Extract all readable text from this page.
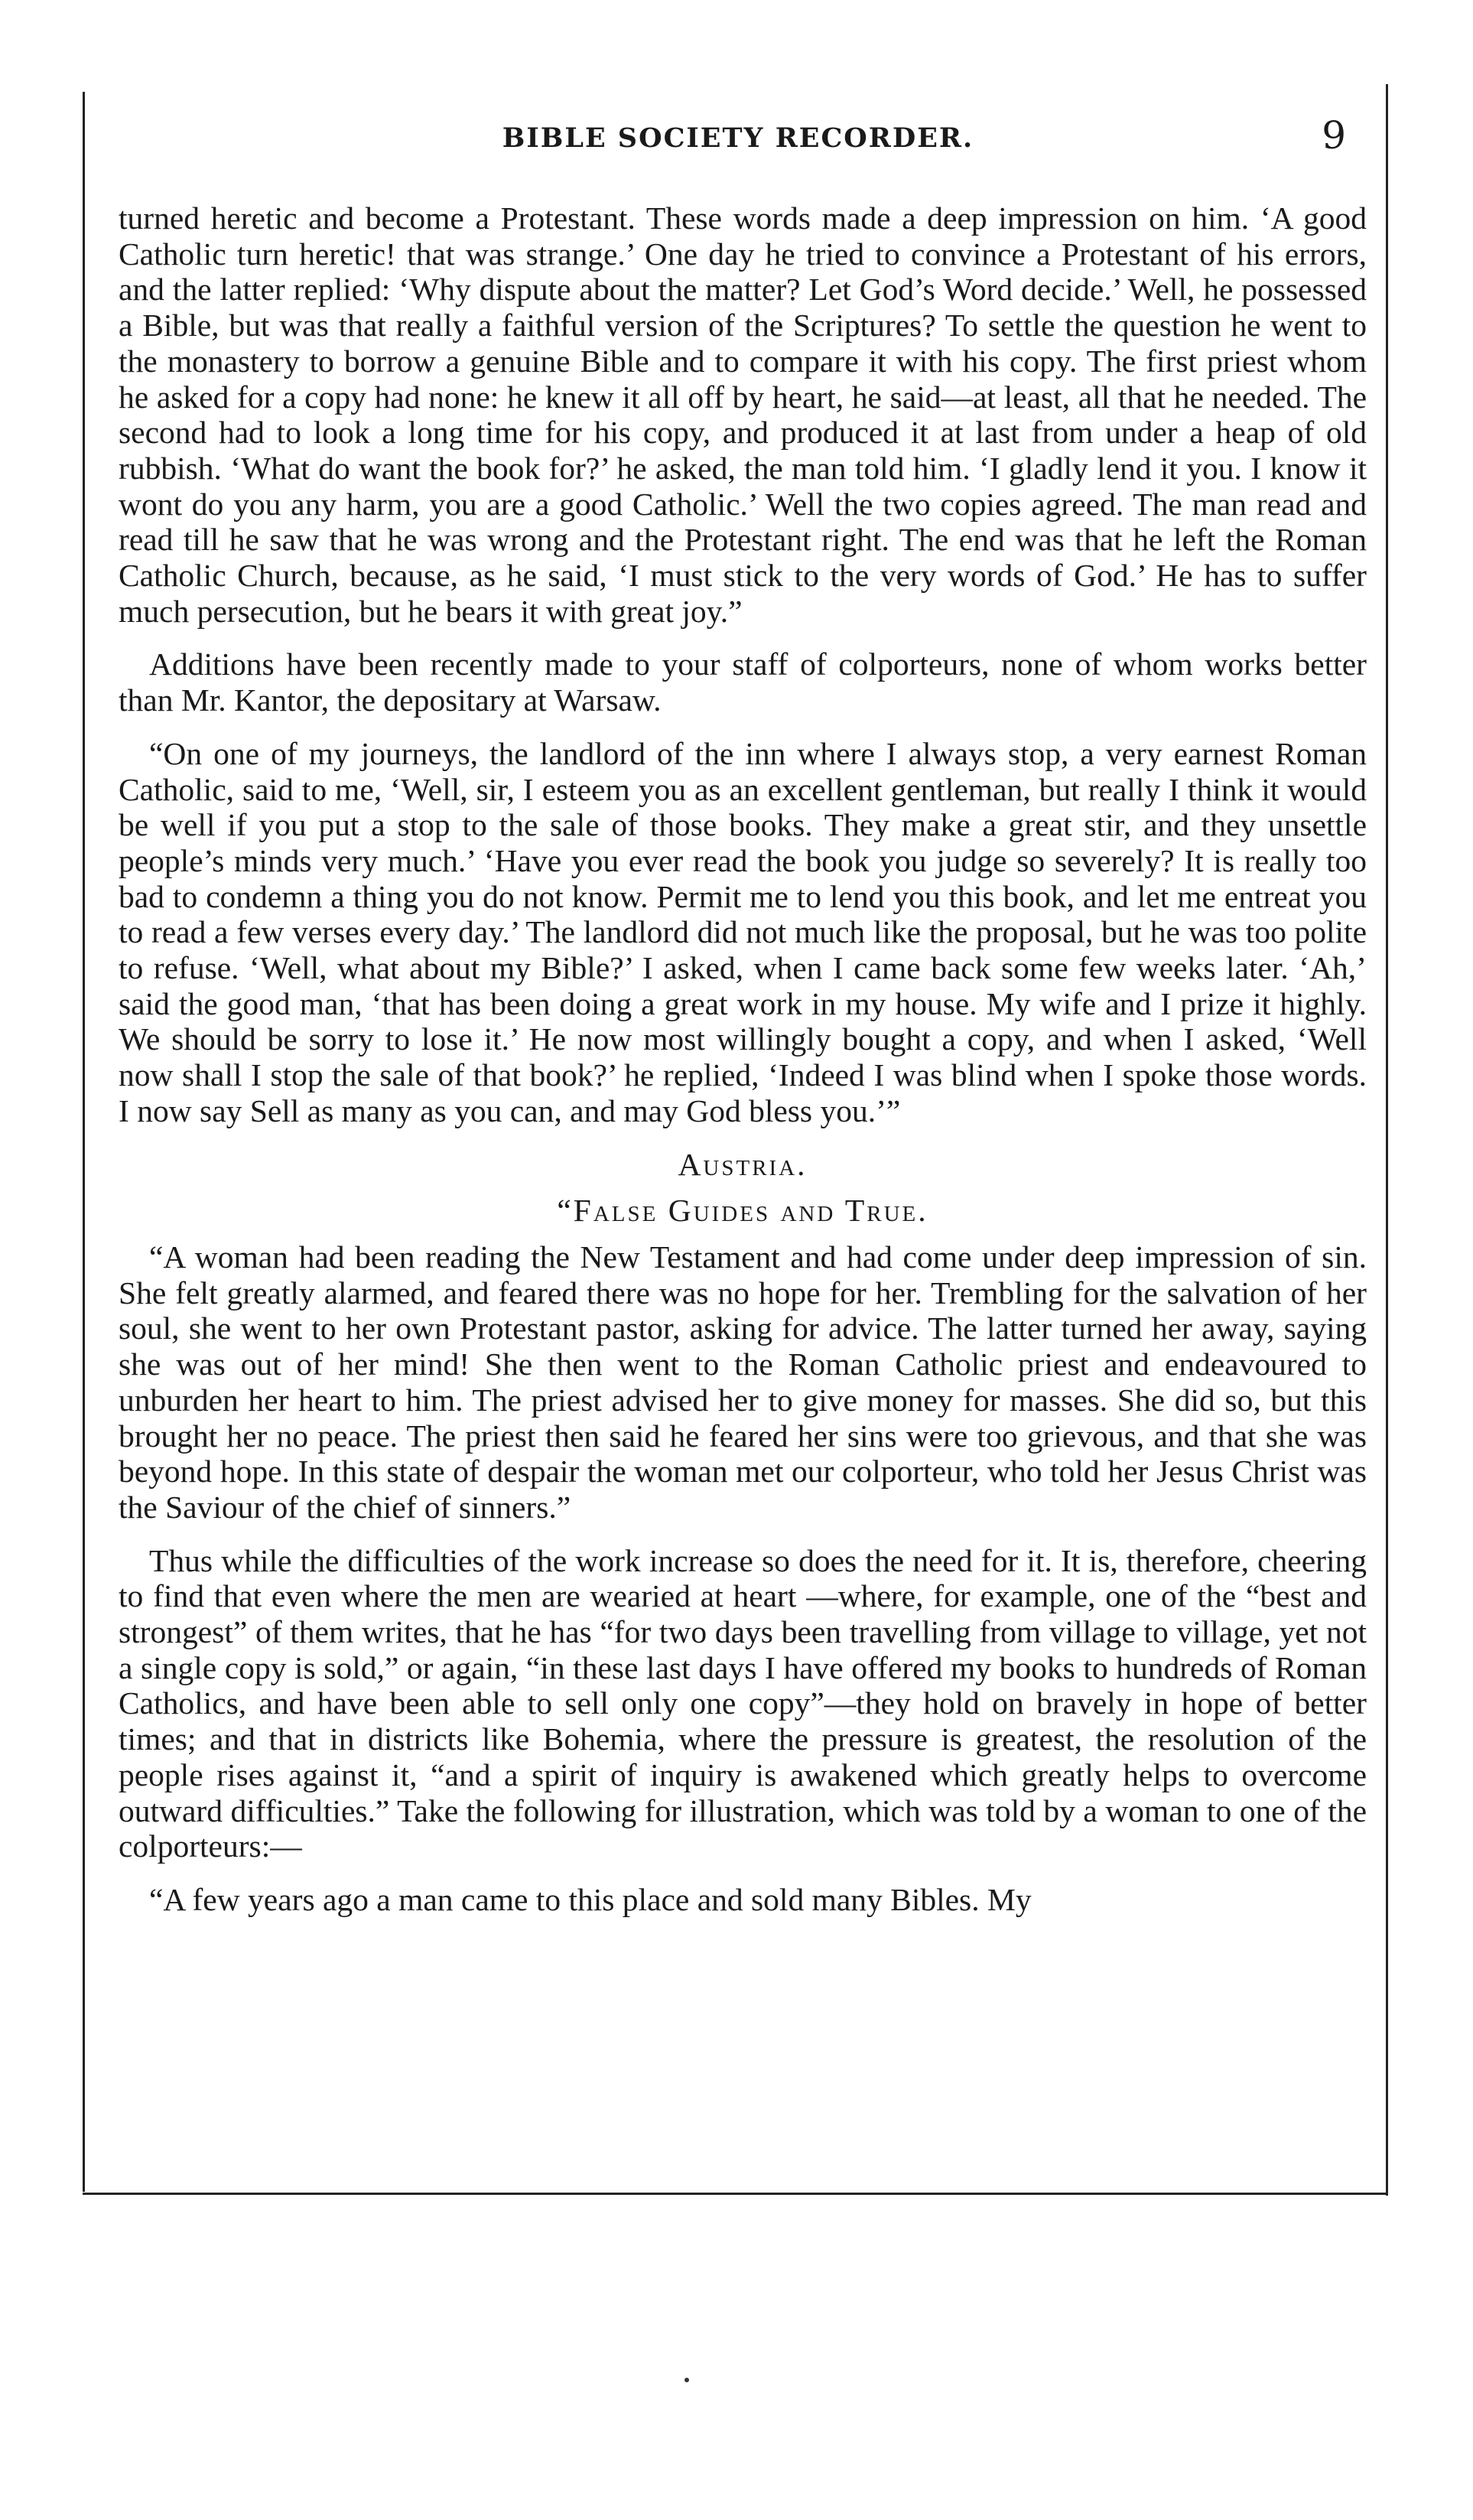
BIBLE SOCIETY RECORDER.	9

turned heretic and become a Protestant. These words made a deep impression on him. ‘A good Catholic turn heretic! that was strange.’ One day he tried to convince a Protestant of his errors, and the latter replied: ‘Why dispute about the matter? Let God’s Word decide.’ Well, he possessed a Bible, but was that really a faithful version of the Scriptures? To settle the question he went to the monastery to borrow a genuine Bible and to compare it with his copy. The first priest whom he asked for a copy had none: he knew it all off by heart, he said—at least, all that he needed. The second had to look a long time for his copy, and produced it at last from under a heap of old rubbish. ‘What do want the book for?’ he asked, the man told him. ‘I gladly lend it you. I know it wont do you any harm, you are a good Catholic.’ Well the two copies agreed. The man read and read till he saw that he was wrong and the Protestant right. The end was that he left the Roman Catholic Church, because, as he said, ‘I must stick to the very words of God.’ He has to suffer much persecution, but he bears it with great joy.”

Additions have been recently made to your staff of colporteurs, none of whom works better than Mr. Kantor, the depositary at Warsaw.

“On one of my journeys, the landlord of the inn where I always stop, a very earnest Roman Catholic, said to me, ‘Well, sir, I esteem you as an excellent gentleman, but really I think it would be well if you put a stop to the sale of those books. They make a great stir, and they unsettle people’s minds very much.’ ‘Have you ever read the book you judge so severely? It is really too bad to condemn a thing you do not know. Permit me to lend you this book, and let me entreat you to read a few verses every day.’ The landlord did not much like the proposal, but he was too polite to refuse. ‘Well, what about my Bible?’ I asked, when I came back some few weeks later. ‘Ah,’ said the good man, ‘that has been doing a great work in my house. My wife and I prize it highly. We should be sorry to lose it.’ He now most willingly bought a copy, and when I asked, ‘Well now shall I stop the sale of that book?’ he replied, ‘Indeed I was blind when I spoke those words. I now say Sell as many as you can, and may God bless you.’”

Austria.
“False Guides and True.

“A woman had been reading the New Testament and had come under deep impression of sin. She felt greatly alarmed, and feared there was no hope for her. Trembling for the salvation of her soul, she went to her own Protestant pastor, asking for advice. The latter turned her away, saying she was out of her mind! She then went to the Roman Catholic priest and endeavoured to unburden her heart to him. The priest advised her to give money for masses. She did so, but this brought her no peace. The priest then said he feared her sins were too grievous, and that she was beyond hope. In this state of despair the woman met our colporteur, who told her Jesus Christ was the Saviour of the chief of sinners.”

Thus while the difficulties of the work increase so does the need for it. It is, therefore, cheering to find that even where the men are wearied at heart —where, for example, one of the “best and strongest” of them writes, that he has “for two days been travelling from village to village, yet not a single copy is sold,” or again, “in these last days I have offered my books to hundreds of Roman Catholics, and have been able to sell only one copy”—they hold on bravely in hope of better times; and that in districts like Bohemia, where the pressure is greatest, the resolution of the people rises against it, “and a spirit of inquiry is awakened which greatly helps to overcome outward difficulties.” Take the following for illustration, which was told by a woman to one of the colporteurs:—

“A few years ago a man came to this place and sold many Bibles. My
